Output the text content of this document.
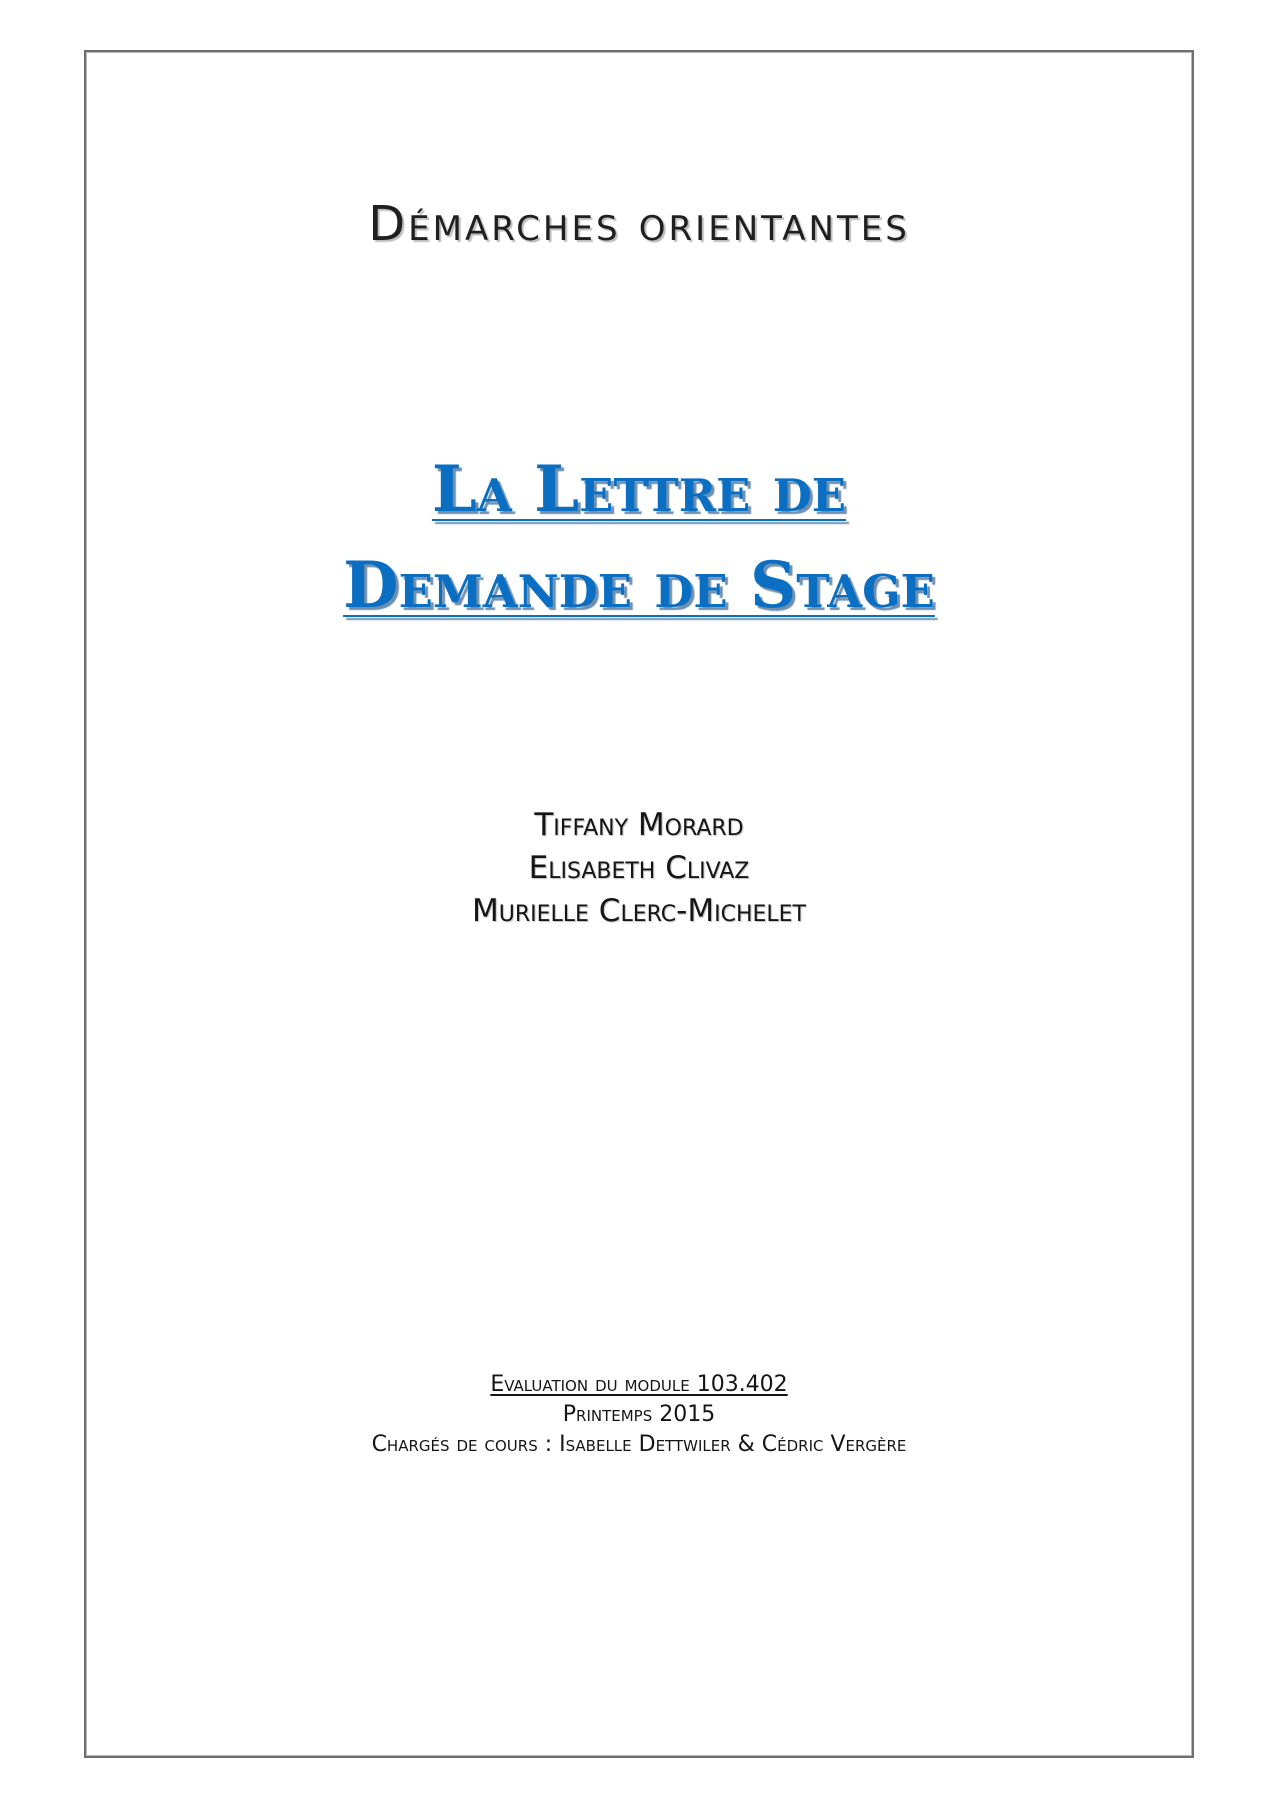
Démarches orientantes
La Lettre de
Demande de Stage
Tiffany Morard
Elisabeth Clivaz
Murielle Clerc-Michelet
Evaluation du module 103.402
Printemps 2015
Chargés de cours : Isabelle Dettwiler & Cédric Vergère
